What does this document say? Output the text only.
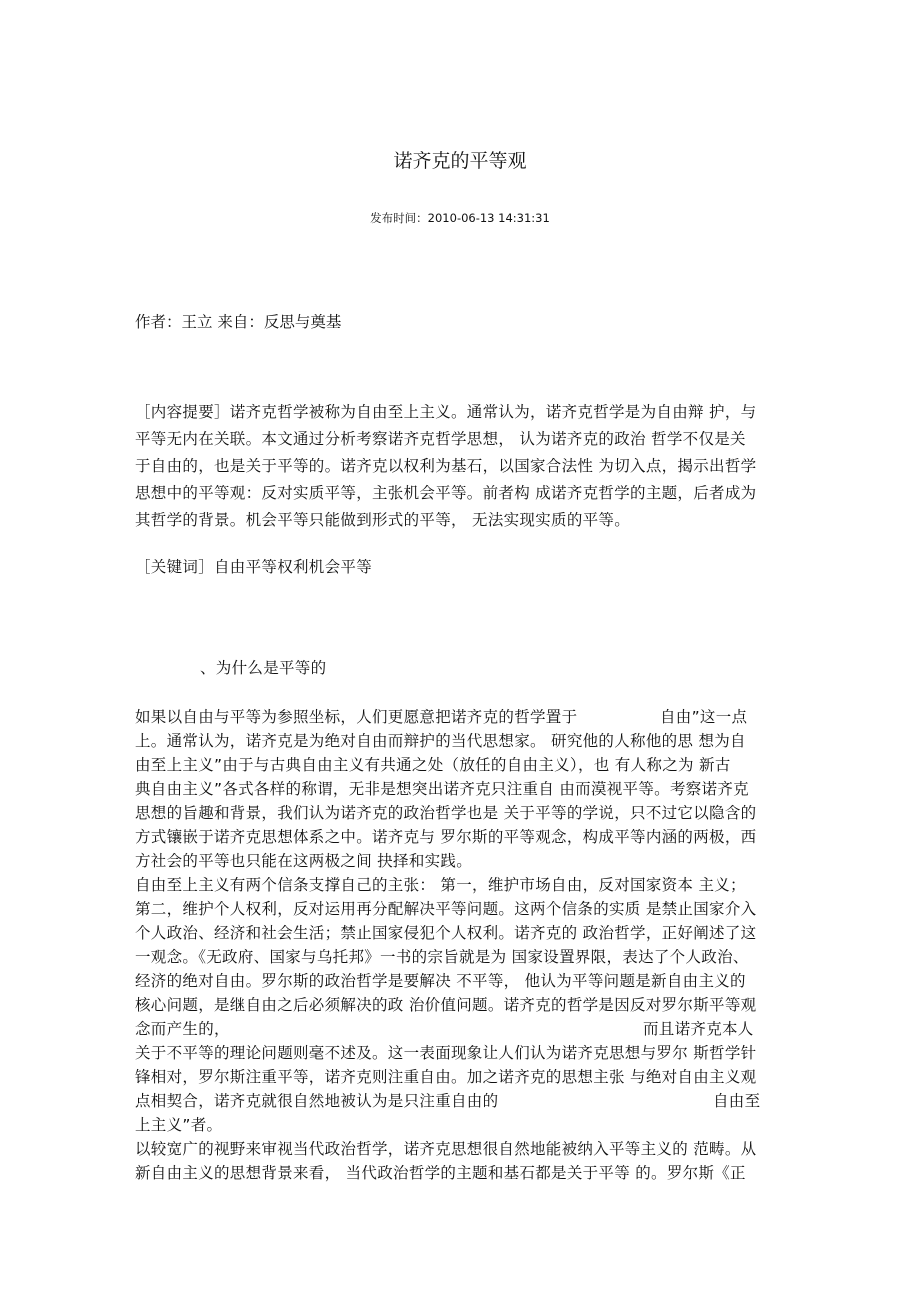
诺齐克的平等观
发布时间：2010-06-13 14:31:31
作者：王立 来自：反思与奠基
［内容提要］诺齐克哲学被称为自由至上主义。通常认为，诺齐克哲学是为自由辩 护，与
平等无内在关联。本文通过分析考察诺齐克哲学思想， 认为诺齐克的政治 哲学不仅是关
于自由的，也是关于平等的。诺齐克以权利为基石，以国家合法性 为切入点，揭示出哲学
思想中的平等观：反对实质平等，主张机会平等。前者构 成诺齐克哲学的主题，后者成为
其哲学的背景。机会平等只能做到形式的平等， 无法实现实质的平等。
［关键词］自由平等权利机会平等
、为什么是平等的
如果以自由与平等为参照坐标，人们更愿意把诺齐克的哲学置于	自由”这一点
上。通常认为，诺齐克是为绝对自由而辩护的当代思想家。 研究他的人称他的思 想为自
由至上主义”由于与古典自由主义有共通之处（放任的自由主义），也 有人称之为 新古
典自由主义”各式各样的称谓，无非是想突出诺齐克只注重自 由而漠视平等。考察诺齐克
思想的旨趣和背景，我们认为诺齐克的政治哲学也是 关于平等的学说，只不过它以隐含的
方式镶嵌于诺齐克思想体系之中。诺齐克与 罗尔斯的平等观念，构成平等内涵的两极，西
方社会的平等也只能在这两极之间 抉择和实践。
自由至上主义有两个信条支撑自己的主张： 第一，维护市场自由，反对国家资本 主义；
第二，维护个人权利，反对运用再分配解决平等问题。这两个信条的实质 是禁止国家介入
个人政治、经济和社会生活；禁止国家侵犯个人权利。诺齐克的 政治哲学，正好阐述了这
一观念。《无政府、国家与乌托邦》一书的宗旨就是为 国家设置界限，表达了个人政治、
经济的绝对自由。罗尔斯的政治哲学是要解决 不平等， 他认为平等问题是新自由主义的
核心问题，是继自由之后必须解决的政 治价值问题。诺齐克的哲学是因反对罗尔斯平等观
念而产生的，	而且诺齐克本人
关于不平等的理论问题则毫不述及。这一表面现象让人们认为诺齐克思想与罗尔 斯哲学针
锋相对，罗尔斯注重平等，诺齐克则注重自由。加之诺齐克的思想主张 与绝对自由主义观
点相契合，诺齐克就很自然地被认为是只注重自由的	自由至
上主义”者。
以较宽广的视野来审视当代政治哲学，诺齐克思想很自然地能被纳入平等主义的 范畴。从
新自由主义的思想背景来看， 当代政治哲学的主题和基石都是关于平等 的。罗尔斯《正
